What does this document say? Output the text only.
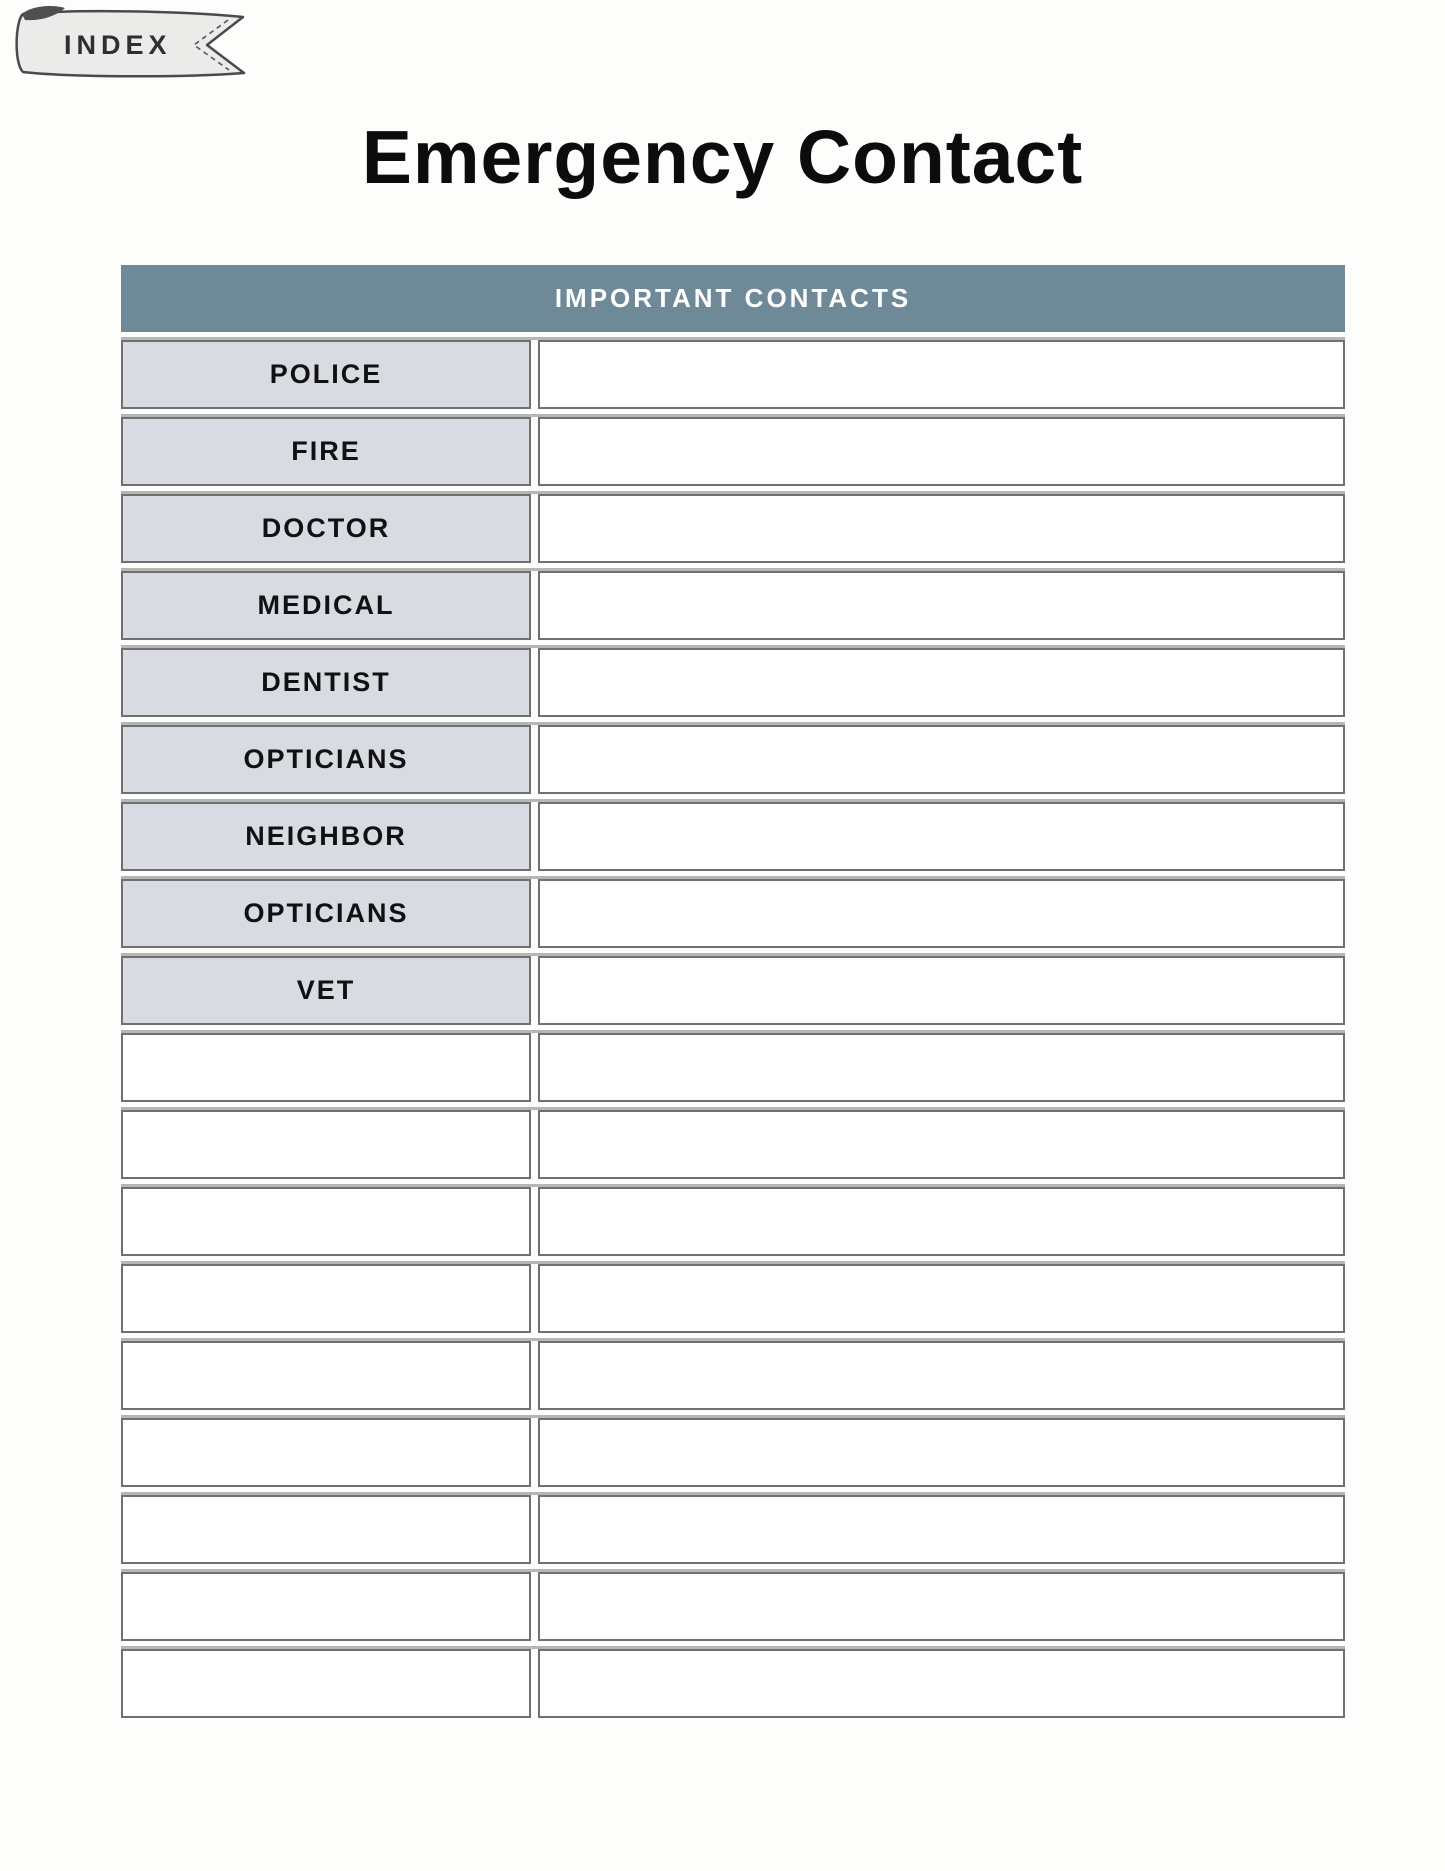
INDEX
Emergency Contact
IMPORTANT CONTACTS
POLICE
FIRE
DOCTOR
MEDICAL
DENTIST
OPTICIANS
NEIGHBOR
OPTICIANS
VET
